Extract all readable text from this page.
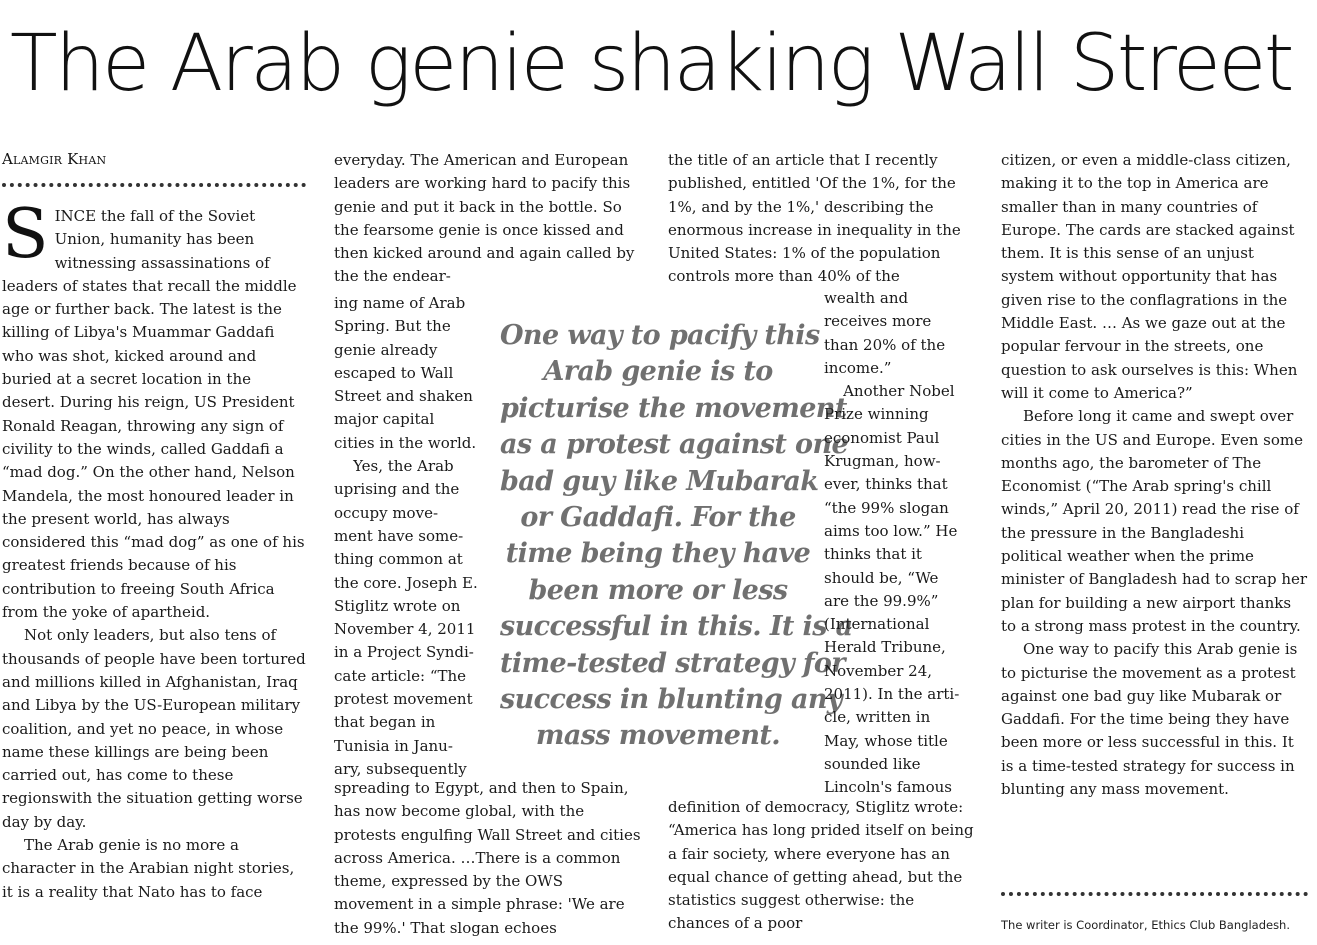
The Arab genie shaking Wall Street
Alamgir Khan
S INCE the fall of the Soviet Union, humanity has been witnessing assassinations of leaders of states that recall the middle age or further back. The latest is the killing of Libya's Muammar Gaddafi who was shot, kicked around and buried at a secret location in the desert. During his reign, US President Ronald Reagan, throwing any sign of civility to the winds, called Gaddafi a “mad dog.” On the other hand, Nelson Mandela, the most honoured leader in the present world, has always considered this “mad dog” as one of his greatest friends because of his contribution to freeing South Africa from the yoke of apartheid.

Not only leaders, but also tens of thousands of people have been tortured and millions killed in Afghanistan, Iraq and Libya by the US-European military coalition, and yet no peace, in whose name these killings are being been carried out, has come to these regionswith the situation getting worse day by day.

The Arab genie is no more a character in the Arabian night stories, it is a reality that Nato has to face

everyday. The American and European leaders are working hard to pacify this genie and put it back in the bottle. So the fearsome genie is once kissed and then kicked around and again called by the the endear-

ing name of Arab
Spring. But the
genie already
escaped to Wall
Street and shaken
major capital
cities in the world.
Yes, the Arab
uprising and the
occupy move-
ment have some-
thing common at
the core. Joseph E.
Stiglitz wrote on
November 4, 2011
in a Project Syndi-
cate article: “The
protest movement
that began in
Tunisia in Janu-
ary, subsequently

spreading to Egypt, and then to Spain, has now become global, with the protests engulfing Wall Street and cities across America. …There is a common theme, expressed by the OWS movement in a simple phrase: 'We are the 99%.' That slogan echoes

One way to pacify this
Arab genie is to
picturise the movement
as a protest against one
bad guy like Mubarak
or Gaddafi. For the
time being they have
been more or less
successful in this. It is a
time-tested strategy for
success in blunting any
mass movement.

the title of an article that I recently published, entitled 'Of the 1%, for the 1%, and by the 1%,' describing the enormous increase in inequality in the United States: 1% of the population controls more than 40% of the

wealth and
receives more
than 20% of the
income.”
Another Nobel
Prize winning
economist Paul
Krugman, how-
ever, thinks that
“the 99% slogan
aims too low.” He
thinks that it
should be, “We
are the 99.9%”
(International
Herald Tribune,
November 24,
2011). In the arti-
cle, written in
May, whose title
sounded like
Lincoln's famous

definition of democracy, Stiglitz wrote: “America has long prided itself on being a fair society, where everyone has an equal chance of getting ahead, but the statistics suggest otherwise: the chances of a poor

citizen, or even a middle-class citizen, making it to the top in America are smaller than in many countries of Europe. The cards are stacked against them. It is this sense of an unjust system without opportunity that has given rise to the conflagrations in the Middle East. … As we gaze out at the popular fervour in the streets, one question to ask ourselves is this: When will it come to America?”

Before long it came and swept over cities in the US and Europe. Even some months ago, the barometer of The Economist (“The Arab spring's chill winds,” April 20, 2011) read the rise of the pressure in the Bangladeshi political weather when the prime minister of Bangladesh had to scrap her plan for building a new airport thanks to a strong mass protest in the country.

One way to pacify this Arab genie is to picturise the movement as a protest against one bad guy like Mubarak or Gaddafi. For the time being they have been more or less successful in this. It is a time-tested strategy for success in blunting any mass movement.

The writer is Coordinator, Ethics Club Bangladesh.
